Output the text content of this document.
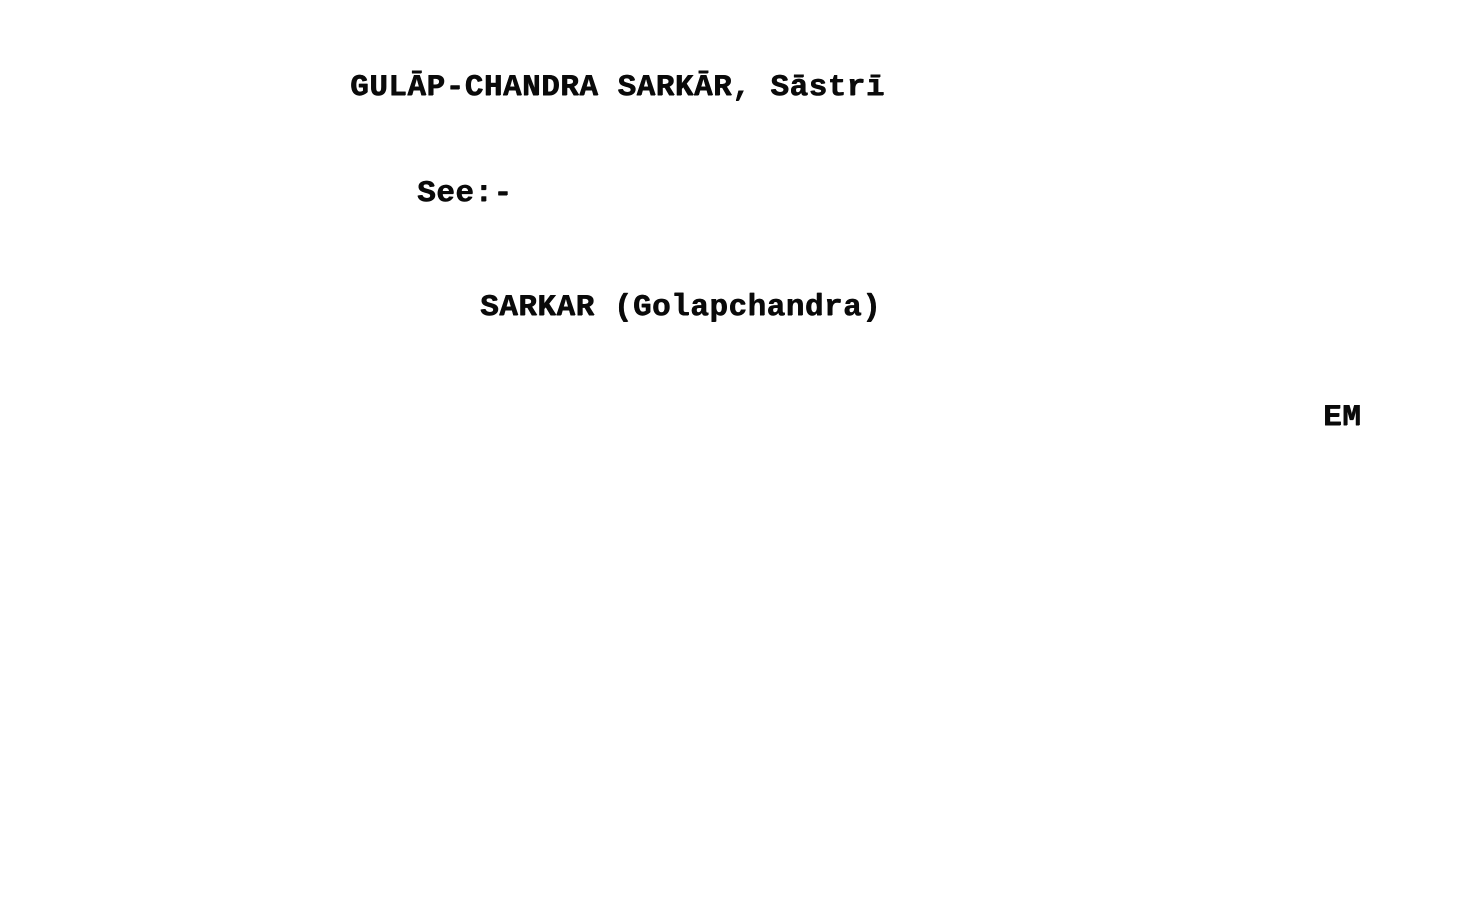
GULĀP-CHANDRA SARKĀR, Sāstrī
See:-
SARKAR (Golapchandra)
EM
